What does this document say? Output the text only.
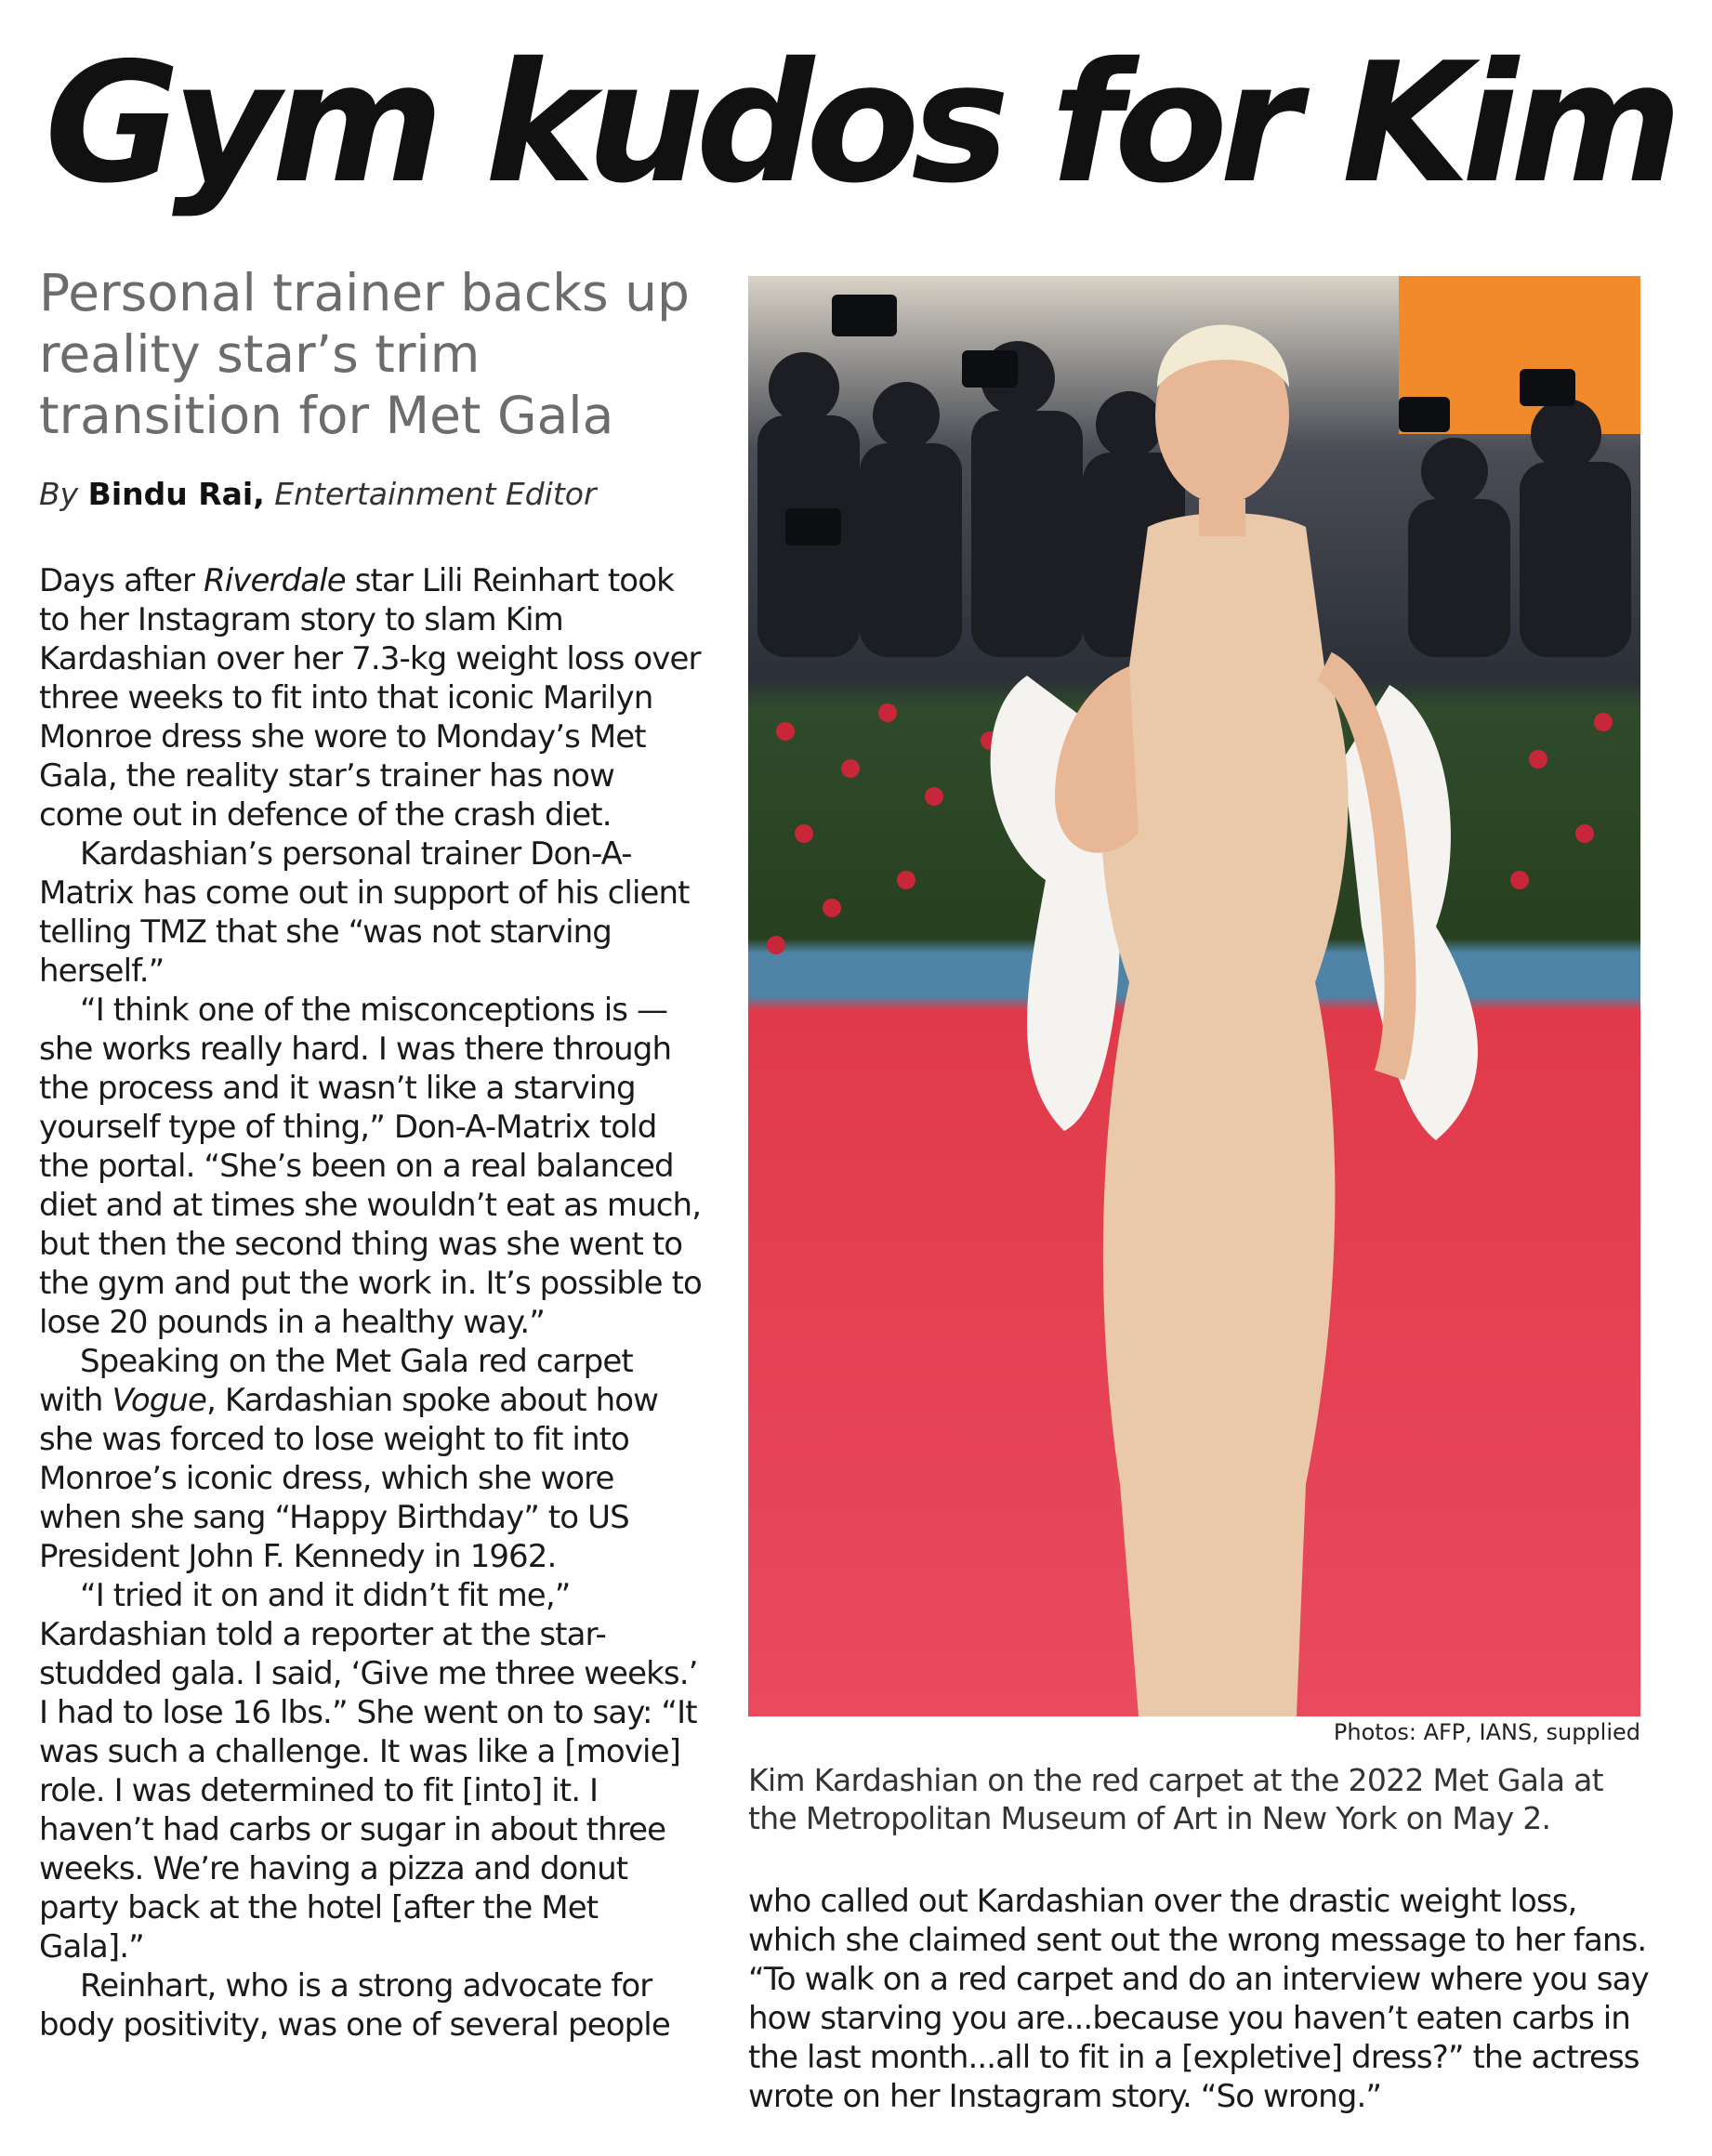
Gym kudos for Kim
Personal trainer backs up reality star’s trim transition for Met Gala
By Bindu Rai, Entertainment Editor

Days after Riverdale star Lili Reinhart took to her Instagram story to slam Kim Kardashian over her 7.3-kg weight loss over three weeks to fit into that iconic Marilyn Monroe dress she wore to Monday’s Met Gala, the reality star’s trainer has now come out in defence of the crash diet.

Kardashian’s personal trainer Don-A-Matrix has come out in support of his client telling TMZ that she “was not starving herself.”

“I think one of the misconceptions is — she works really hard. I was there through the process and it wasn’t like a starving yourself type of thing,” Don-A-Matrix told the portal. “She’s been on a real balanced diet and at times she wouldn’t eat as much, but then the second thing was she went to the gym and put the work in. It’s possible to lose 20 pounds in a healthy way.”

Speaking on the Met Gala red carpet with Vogue, Kardashian spoke about how she was forced to lose weight to fit into Monroe’s iconic dress, which she wore when she sang “Happy Birthday” to US President John F. Kennedy in 1962.

“I tried it on and it didn’t fit me,” Kardashian told a reporter at the star-studded gala. I said, ‘Give me three weeks.’ I had to lose 16 lbs.” She went on to say: “It was such a challenge. It was like a [movie] role. I was determined to fit [into] it. I haven’t had carbs or sugar in about three weeks. We’re having a pizza and donut party back at the hotel [after the Met Gala].”

Reinhart, who is a strong advocate for body positivity, was one of several people

Photos: AFP, IANS, supplied

Kim Kardashian on the red carpet at the 2022 Met Gala at the Metropolitan Museum of Art in New York on May 2.

who called out Kardashian over the drastic weight loss, which she claimed sent out the wrong message to her fans. “To walk on a red carpet and do an interview where you say how starving you are...because you haven’t eaten carbs in the last month...all to fit in a [expletive] dress?” the actress wrote on her Instagram story. “So wrong.”
